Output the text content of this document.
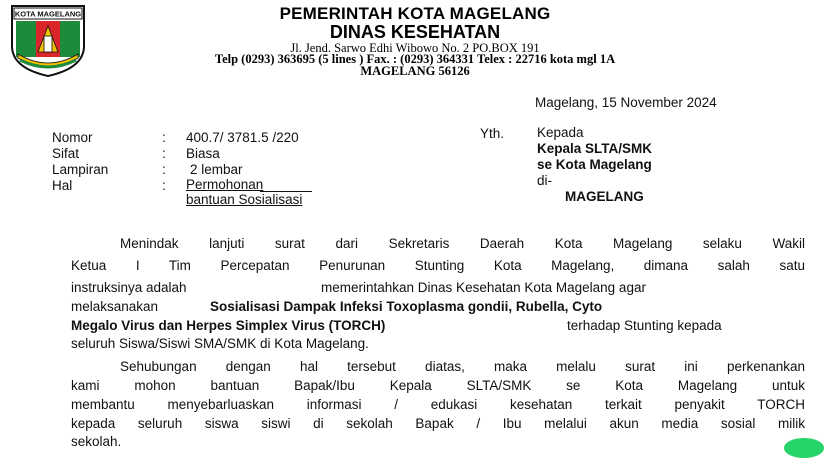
KOTA MAGELANG	PEMERINTAH KOTA MAGELANG
DINAS KESEHATAN
Jl. Jend. Sarwo Edhi Wibowo No. 2 PO.BOX 191
Telp (0293) 363695 (5 lines ) Fax. : (0293) 364331 Telex : 22716 kota mgl 1A
MAGELANG 56126
Magelang, 15 November 2024
Nomor	: 400.7/ 3781.5 /220
Sifat	: Biasa
Lampiran	: 2 lembar
Hal	: Permohonan
bantuan Sosialisasi
Yth. Kepada
Kepala SLTA/SMK
se Kota Magelang
di-
MAGELANG
Menindak lanjuti surat dari Sekretaris Daerah Kota Magelang selaku Wakil
Ketua I Tim Percepatan Penurunan Stunting Kota Magelang, dimana salah satu
instruksinya adalah	memerintahkan Dinas Kesehatan Kota Magelang agar
melaksanakan	Sosialisasi Dampak Infeksi Toxoplasma gondii, Rubella, Cyto
Megalo Virus dan Herpes Simplex Virus (TORCH)	terhadap Stunting kepada
seluruh Siswa/Siswi SMA/SMK di Kota Magelang.
Sehubungan dengan hal tersebut diatas, maka melalu surat ini perkenankan
kami mohon bantuan Bapak/Ibu Kepala SLTA/SMK se Kota Magelang untuk
membantu menyebarluaskan informasi / edukasi kesehatan terkait penyakit TORCH
kepada seluruh siswa siswi di sekolah Bapak / Ibu melalui akun media sosial milik
sekolah.
